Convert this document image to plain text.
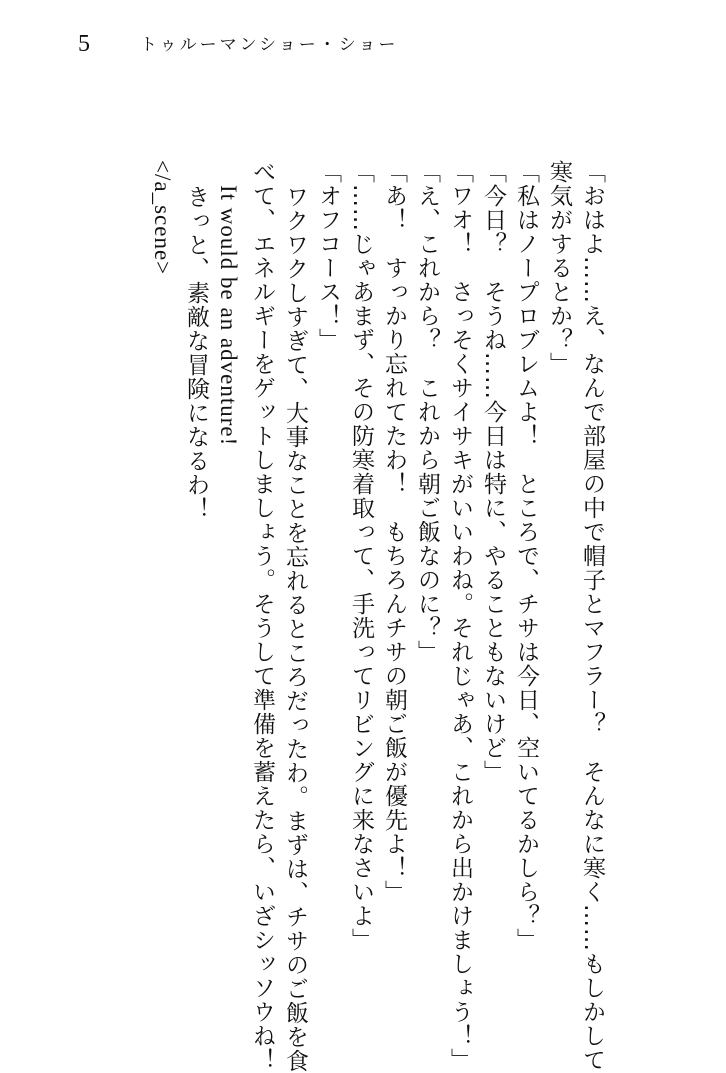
5	トゥルーマンショー・ショー
「おはよ……え、なんで部屋の中で帽子とマフラー？　そんなに寒く……もしかして
寒気がするとか？」
「私はノープロブレムよ！　ところで、チサは今日、空いてるかしら？」
「今日？　そうね……今日は特に、やることもないけど」
「ワオ！　さっそくサイサキがいいわね。それじゃあ、これから出かけましょう！」
「え、これから？　これから朝ご飯なのに？」
「あ！　すっかり忘れてたわ！　もちろんチサの朝ご飯が優先よ！」
「……じゃあまず、その防寒着取って、手洗ってリビングに来なさいよ」
「オフコース！」
ワクワクしすぎて、大事なことを忘れるところだったわ。まずは、チサのご飯を食
べて、エネルギーをゲットしましょう。そうして準備を蓄えたら、いざシッソウね！
It would be an adventure!
きっと、素敵な冒険になるわ！
</a_scene>
